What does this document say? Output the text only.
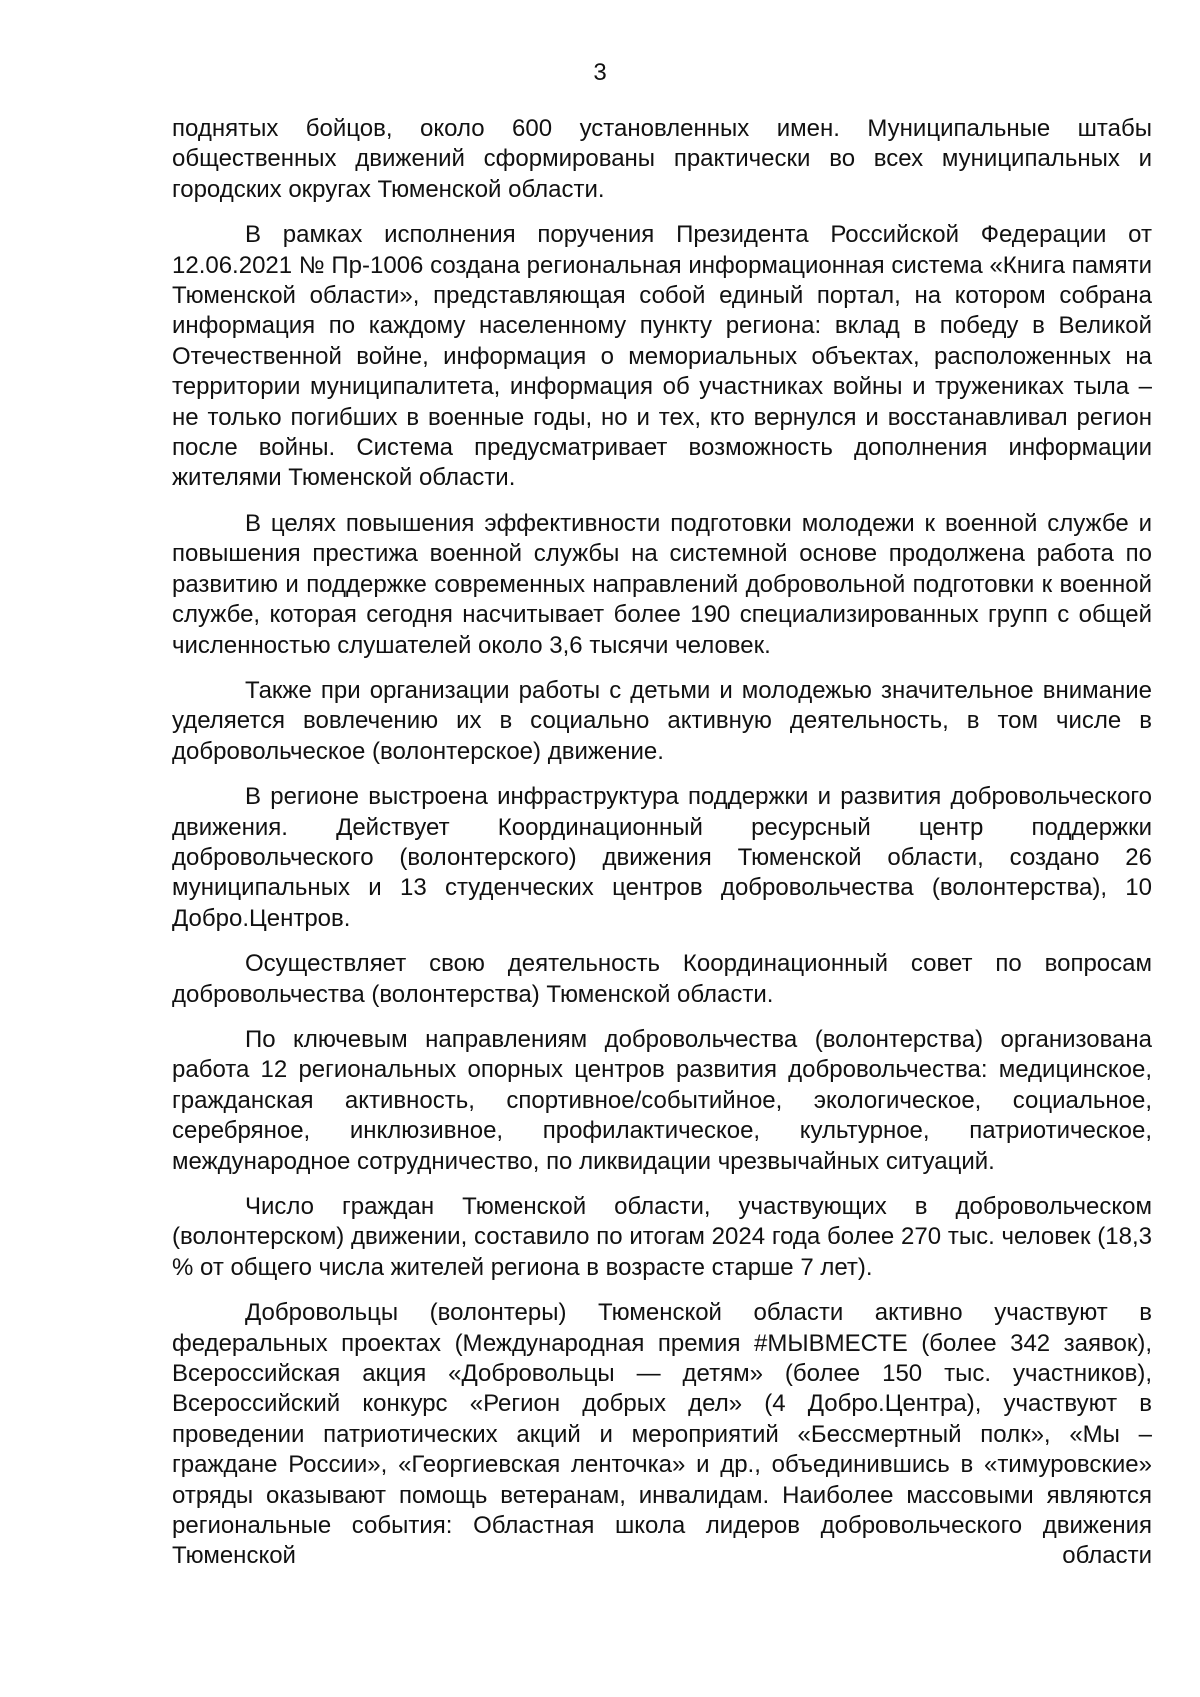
3

поднятых бойцов, около 600 установленных имен. Муниципальные штабы общественных движений сформированы практически во всех муниципальных и городских округах Тюменской области.

В рамках исполнения поручения Президента Российской Федерации от 12.06.2021 № Пр-1006 создана региональная информационная система «Книга памяти Тюменской области», представляющая собой единый портал, на котором собрана информация по каждому населенному пункту региона: вклад в победу в Великой Отечественной войне, информация о мемориальных объектах, расположенных на территории муниципалитета, информация об участниках войны и тружениках тыла – не только погибших в военные годы, но и тех, кто вернулся и восстанавливал регион после войны. Система предусматривает возможность дополнения информации жителями Тюменской области.

В целях повышения эффективности подготовки молодежи к военной службе и повышения престижа военной службы на системной основе продолжена работа по развитию и поддержке современных направлений добровольной подготовки к военной службе, которая сегодня насчитывает более 190 специализированных групп с общей численностью слушателей около 3,6 тысячи человек.

Также при организации работы с детьми и молодежью значительное внимание уделяется вовлечению их в социально активную деятельность, в том числе в добровольческое (волонтерское) движение.

В регионе выстроена инфраструктура поддержки и развития добровольческого движения. Действует Координационный ресурсный центр поддержки добровольческого (волонтерского) движения Тюменской области, создано 26 муниципальных и 13 студенческих центров добровольчества (волонтерства), 10 Добро.Центров.

Осуществляет свою деятельность Координационный совет по вопросам добровольчества (волонтерства) Тюменской области.

По ключевым направлениям добровольчества (волонтерства) организована работа 12 региональных опорных центров развития добровольчества: медицинское, гражданская активность, спортивное/событийное, экологическое, социальное, серебряное, инклюзивное, профилактическое, культурное, патриотическое, международное сотрудничество, по ликвидации чрезвычайных ситуаций.

Число граждан Тюменской области, участвующих в добровольческом (волонтерском) движении, составило по итогам 2024 года более 270 тыс. человек (18,3 % от общего числа жителей региона в возрасте старше 7 лет).

Добровольцы (волонтеры) Тюменской области активно участвуют в федеральных проектах (Международная премия #МЫВМЕСТЕ (более 342 заявок), Всероссийская акция «Добровольцы — детям» (более 150 тыс. участников), Всероссийский конкурс «Регион добрых дел» (4 Добро.Центра), участвуют в проведении патриотических акций и мероприятий «Бессмертный полк», «Мы – граждане России», «Георгиевская ленточка» и др., объединившись в «тимуровские» отряды оказывают помощь ветеранам, инвалидам. Наиболее массовыми являются региональные события: Областная школа лидеров добровольческого движения Тюменской области
